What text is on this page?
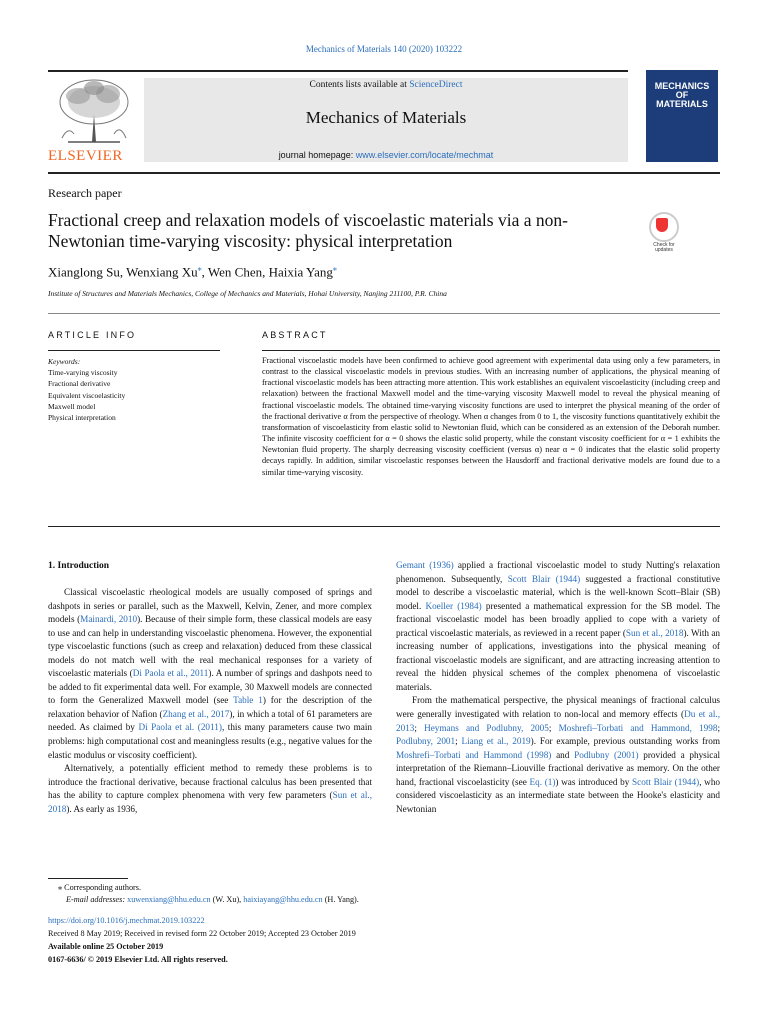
Mechanics of Materials 140 (2020) 103222
ELSEVIER
Contents lists available at ScienceDirect
Mechanics of Materials
journal homepage: www.elsevier.com/locate/mechmat
MECHANICS
OF
MATERIALS
Research paper
Fractional creep and relaxation models of viscoelastic materials via a non-Newtonian time-varying viscosity: physical interpretation	Check for updates
Xianglong Su, Wenxiang Xu⁎, Wen Chen, Haixia Yang⁎
Institute of Structures and Materials Mechanics, College of Mechanics and Materials, Hohai University, Nanjing 211100, P.R. China
ARTICLE INFO	ABSTRACT
Keywords:
Time-varying viscosity
Fractional derivative
Equivalent viscoelasticity
Maxwell model
Physical interpretation
Fractional viscoelastic models have been confirmed to achieve good agreement with experimental data using only a few parameters, in contrast to the classical viscoelastic models in previous studies. With an increasing number of applications, the physical meaning of fractional viscoelastic models has been attracting more attention. This work establishes an equivalent viscoelasticity (including creep and relaxation) between the fractional Maxwell model and the time-varying viscosity Maxwell model to reveal the physical meaning of fractional viscoelastic models. The obtained time-varying viscosity functions are used to interpret the physical meaning of the order of the fractional derivative α from the perspective of rheology. When α changes from 0 to 1, the viscosity functions quantitatively exhibit the transformation of viscoelasticity from elastic solid to Newtonian fluid, which can be considered as an extension of the Deborah number. The infinite viscosity coefficient for α = 0 shows the elastic solid property, while the constant viscosity coefficient for α = 1 exhibits the Newtonian fluid property. The sharply decreasing viscosity coefficient (versus α) near α = 0 indicates that the elastic solid property decays rapidly. In addition, similar viscoelastic responses between the Hausdorff and fractional derivative models are found due to a similar time-varying viscosity.
1. Introduction

Classical viscoelastic rheological models are usually composed of springs and dashpots in series or parallel, such as the Maxwell, Kelvin, Zener, and more complex models (Mainardi, 2010). Because of their simple form, these classical models are easy to use and can help in understanding viscoelastic phenomena. However, the exponential type viscoelastic functions (such as creep and relaxation) deduced from these classical models do not match well with the real mechanical responses for a variety of viscoelastic materials (Di Paola et al., 2011). A number of springs and dashpots need to be added to fit experimental data well. For example, 30 Maxwell models are connected to form the Generalized Maxwell model (see Table 1) for the description of the relaxation behavior of Nafion (Zhang et al., 2017), in which a total of 61 parameters are needed. As claimed by Di Paola et al. (2011), this many parameters cause two main problems: high computational cost and meaningless results (e.g., negative values for the elastic modulus or viscosity coefficient).

Alternatively, a potentially efficient method to remedy these problems is to introduce the fractional derivative, because fractional calculus has been presented that has the ability to capture complex phenomena with very few parameters (Sun et al., 2018). As early as 1936,

Gemant (1936) applied a fractional viscoelastic model to study Nutting's relaxation phenomenon. Subsequently, Scott Blair (1944) suggested a fractional constitutive model to describe a viscoelastic material, which is the well-known Scott–Blair (SB) model. Koeller (1984) presented a mathematical expression for the SB model. The fractional viscoelastic model has been broadly applied to cope with a variety of practical viscoelastic materials, as reviewed in a recent paper (Sun et al., 2018). With an increasing number of applications, investigations into the physical meaning of fractional viscoelastic models are significant, and are attracting increasing attention to reveal the hidden physical schemes of the complex phenomena of viscoelastic materials.

From the mathematical perspective, the physical meanings of fractional calculus were generally investigated with relation to non-local and memory effects (Du et al., 2013; Heymans and Podlubny, 2005; Moshrefi–Torbati and Hammond, 1998; Podlubny, 2001; Liang et al., 2019). For example, previous outstanding works from Moshrefi–Torbati and Hammond (1998) and Podlubny (2001) provided a physical interpretation of the Riemann–Liouville fractional derivative as memory. On the other hand, fractional viscoelasticity (see Eq. (1)) was introduced by Scott Blair (1944), who considered viscoelasticity as an intermediate state between the Hooke's elasticity and Newtonian

⁎ Corresponding authors.
E-mail addresses: xuwenxiang@hhu.edu.cn (W. Xu), haixiayang@hhu.edu.cn (H. Yang).
https://doi.org/10.1016/j.mechmat.2019.103222
Received 8 May 2019; Received in revised form 22 October 2019; Accepted 23 October 2019
Available online 25 October 2019
0167-6636/ © 2019 Elsevier Ltd. All rights reserved.
